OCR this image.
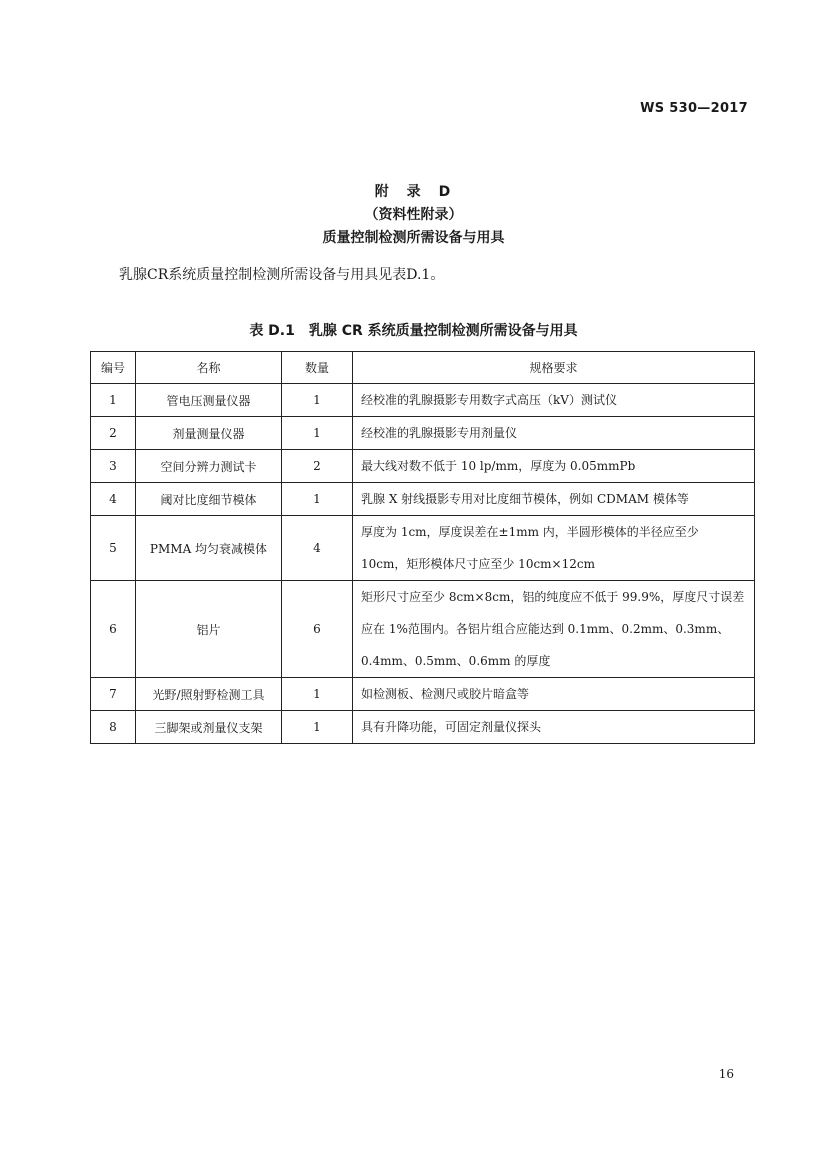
WS 530—2017
附　录　D
（资料性附录）
质量控制检测所需设备与用具
乳腺CR系统质量控制检测所需设备与用具见表D.1。
表 D.1　乳腺 CR 系统质量控制检测所需设备与用具
编号	名称	数量	规格要求
1	管电压测量仪器	1	经校准的乳腺摄影专用数字式高压（kV）测试仪
2	剂量测量仪器	1	经校准的乳腺摄影专用剂量仪
3	空间分辨力测试卡	2	最大线对数不低于 10 lp/mm，厚度为 0.05mmPb
4	阈对比度细节模体	1	乳腺 X 射线摄影专用对比度细节模体，例如 CDMAM 模体等
5	PMMA 均匀衰减模体	4	厚度为 1cm，厚度误差在±1mm 内，半圆形模体的半径应至少 10cm，矩形模体尺寸应至少 10cm×12cm
6	铝片	6	矩形尺寸应至少 8cm×8cm，铝的纯度应不低于 99.9%，厚度尺寸误差应在 1%范围内。各铝片组合应能达到 0.1mm、0.2mm、0.3mm、0.4mm、0.5mm、0.6mm 的厚度
7	光野/照射野检测工具	1	如检测板、检测尺或胶片暗盒等
8	三脚架或剂量仪支架	1	具有升降功能，可固定剂量仪探头
16
